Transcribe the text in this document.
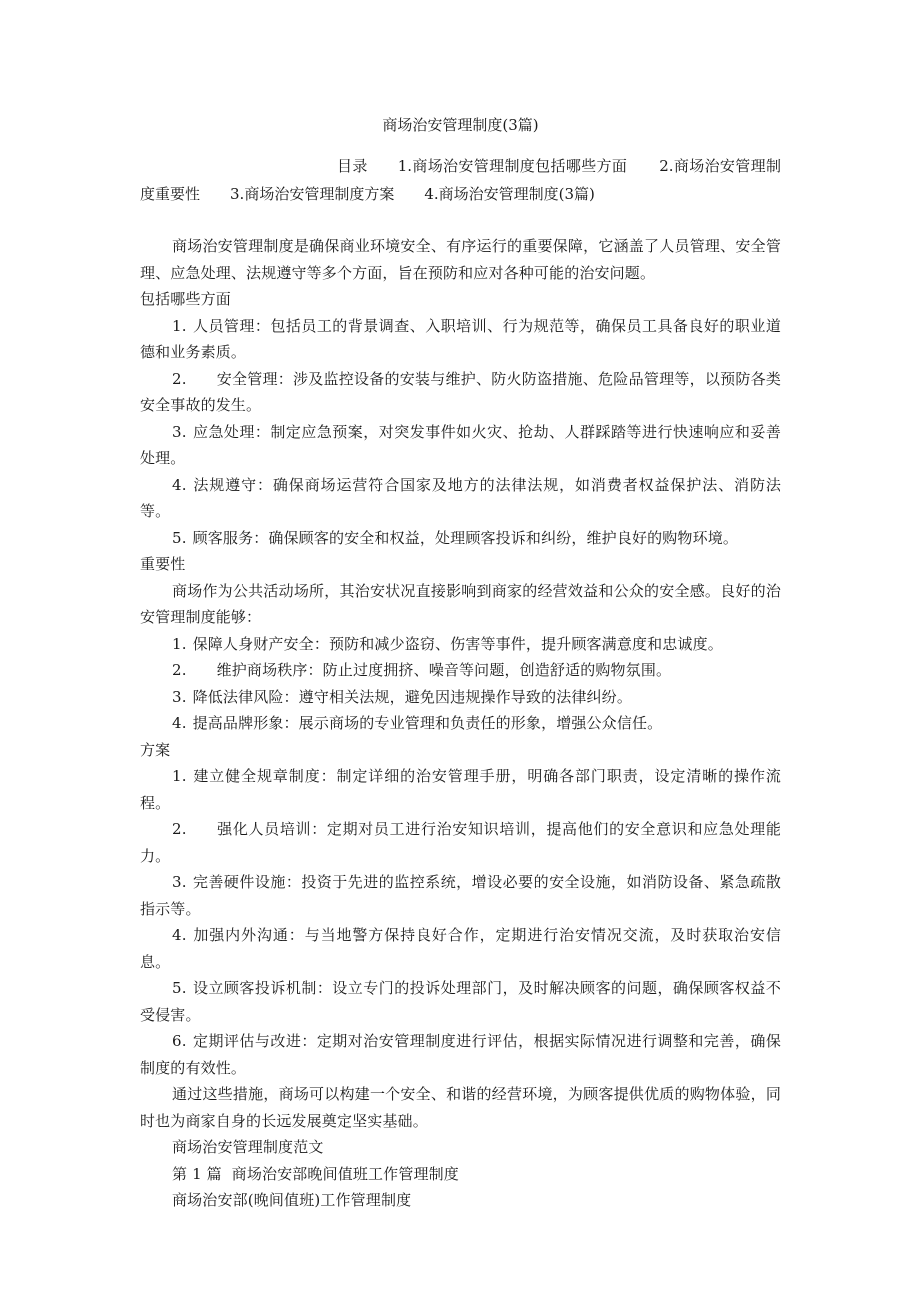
商场治安管理制度(3篇)
目录 1.商场治安管理制度包括哪些方面 2.商场治安管理制度重要性 3.商场治安管理制度方案 4.商场治安管理制度(3篇)

商场治安管理制度是确保商业环境安全、有序运行的重要保障，它涵盖了人员管理、安全管理、应急处理、法规遵守等多个方面，旨在预防和应对各种可能的治安问题。

包括哪些方面

1. 人员管理：包括员工的背景调查、入职培训、行为规范等，确保员工具备良好的职业道德和业务素质。

2. 安全管理：涉及监控设备的安装与维护、防火防盗措施、危险品管理等，以预防各类安全事故的发生。

3. 应急处理：制定应急预案，对突发事件如火灾、抢劫、人群踩踏等进行快速响应和妥善处理。

4. 法规遵守：确保商场运营符合国家及地方的法律法规，如消费者权益保护法、消防法等。

5. 顾客服务：确保顾客的安全和权益，处理顾客投诉和纠纷，维护良好的购物环境。

重要性

商场作为公共活动场所，其治安状况直接影响到商家的经营效益和公众的安全感。良好的治安管理制度能够：

1. 保障人身财产安全：预防和减少盗窃、伤害等事件，提升顾客满意度和忠诚度。

2. 维护商场秩序：防止过度拥挤、噪音等问题，创造舒适的购物氛围。

3. 降低法律风险：遵守相关法规，避免因违规操作导致的法律纠纷。

4. 提高品牌形象：展示商场的专业管理和负责任的形象，增强公众信任。

方案

1. 建立健全规章制度：制定详细的治安管理手册，明确各部门职责，设定清晰的操作流程。

2. 强化人员培训：定期对员工进行治安知识培训，提高他们的安全意识和应急处理能力。

3. 完善硬件设施：投资于先进的监控系统，增设必要的安全设施，如消防设备、紧急疏散指示等。

4. 加强内外沟通：与当地警方保持良好合作，定期进行治安情况交流，及时获取治安信息。

5. 设立顾客投诉机制：设立专门的投诉处理部门，及时解决顾客的问题，确保顾客权益不受侵害。

6. 定期评估与改进：定期对治安管理制度进行评估，根据实际情况进行调整和完善，确保制度的有效性。

通过这些措施，商场可以构建一个安全、和谐的经营环境，为顾客提供优质的购物体验，同时也为商家自身的长远发展奠定坚实基础。

商场治安管理制度范文

第 1 篇  商场治安部晚间值班工作管理制度

商场治安部(晚间值班)工作管理制度
